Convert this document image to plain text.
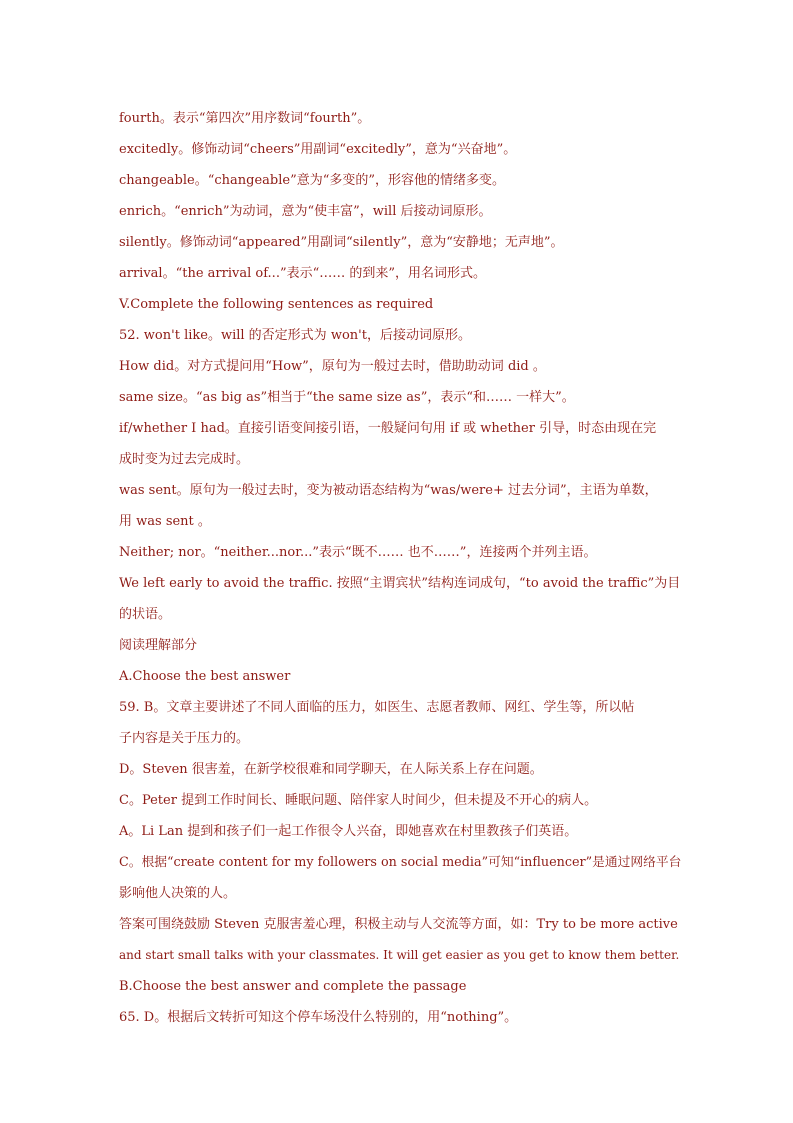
fourth。表示“第四次”用序数词“fourth”。
excitedly。修饰动词“cheers”用副词“excitedly”，意为“兴奋地”。
changeable。“changeable”意为“多变的”，形容他的情绪多变。
enrich。“enrich”为动词，意为“使丰富”，will 后接动词原形。
silently。修饰动词“appeared”用副词“silently”，意为“安静地；无声地”。
arrival。“the arrival of...”表示“…… 的到来”，用名词形式。
V.Complete the following sentences as required
52. won't like。will 的否定形式为 won't，后接动词原形。
How did。对方式提问用“How”，原句为一般过去时，借助助动词 did 。
same size。“as big as”相当于“the same size as”，表示“和…… 一样大”。
if/whether I had。直接引语变间接引语，一般疑问句用 if 或 whether 引导，时态由现在完
成时变为过去完成时。
was sent。原句为一般过去时，变为被动语态结构为“was/were+ 过去分词”，主语为单数，
用 was sent 。
Neither; nor。“neither...nor...”表示“既不…… 也不……”，连接两个并列主语。
We left early to avoid the traffic. 按照“主谓宾状”结构连词成句，“to avoid the traffic”为目
的状语。
阅读理解部分
A.Choose the best answer
59. B。文章主要讲述了不同人面临的压力，如医生、志愿者教师、网红、学生等，所以帖
子内容是关于压力的。
D。Steven 很害羞，在新学校很难和同学聊天，在人际关系上存在问题。
C。Peter 提到工作时间长、睡眠问题、陪伴家人时间少，但未提及不开心的病人。
A。Li Lan 提到和孩子们一起工作很令人兴奋，即她喜欢在村里教孩子们英语。
C。根据“create content for my followers on social media”可知“influencer”是通过网络平台
影响他人决策的人。
答案可围绕鼓励 Steven 克服害羞心理，积极主动与人交流等方面，如：Try to be more active
and start small talks with your classmates. It will get easier as you get to know them better.
B.Choose the best answer and complete the passage
65. D。根据后文转折可知这个停车场没什么特别的，用“nothing”。
